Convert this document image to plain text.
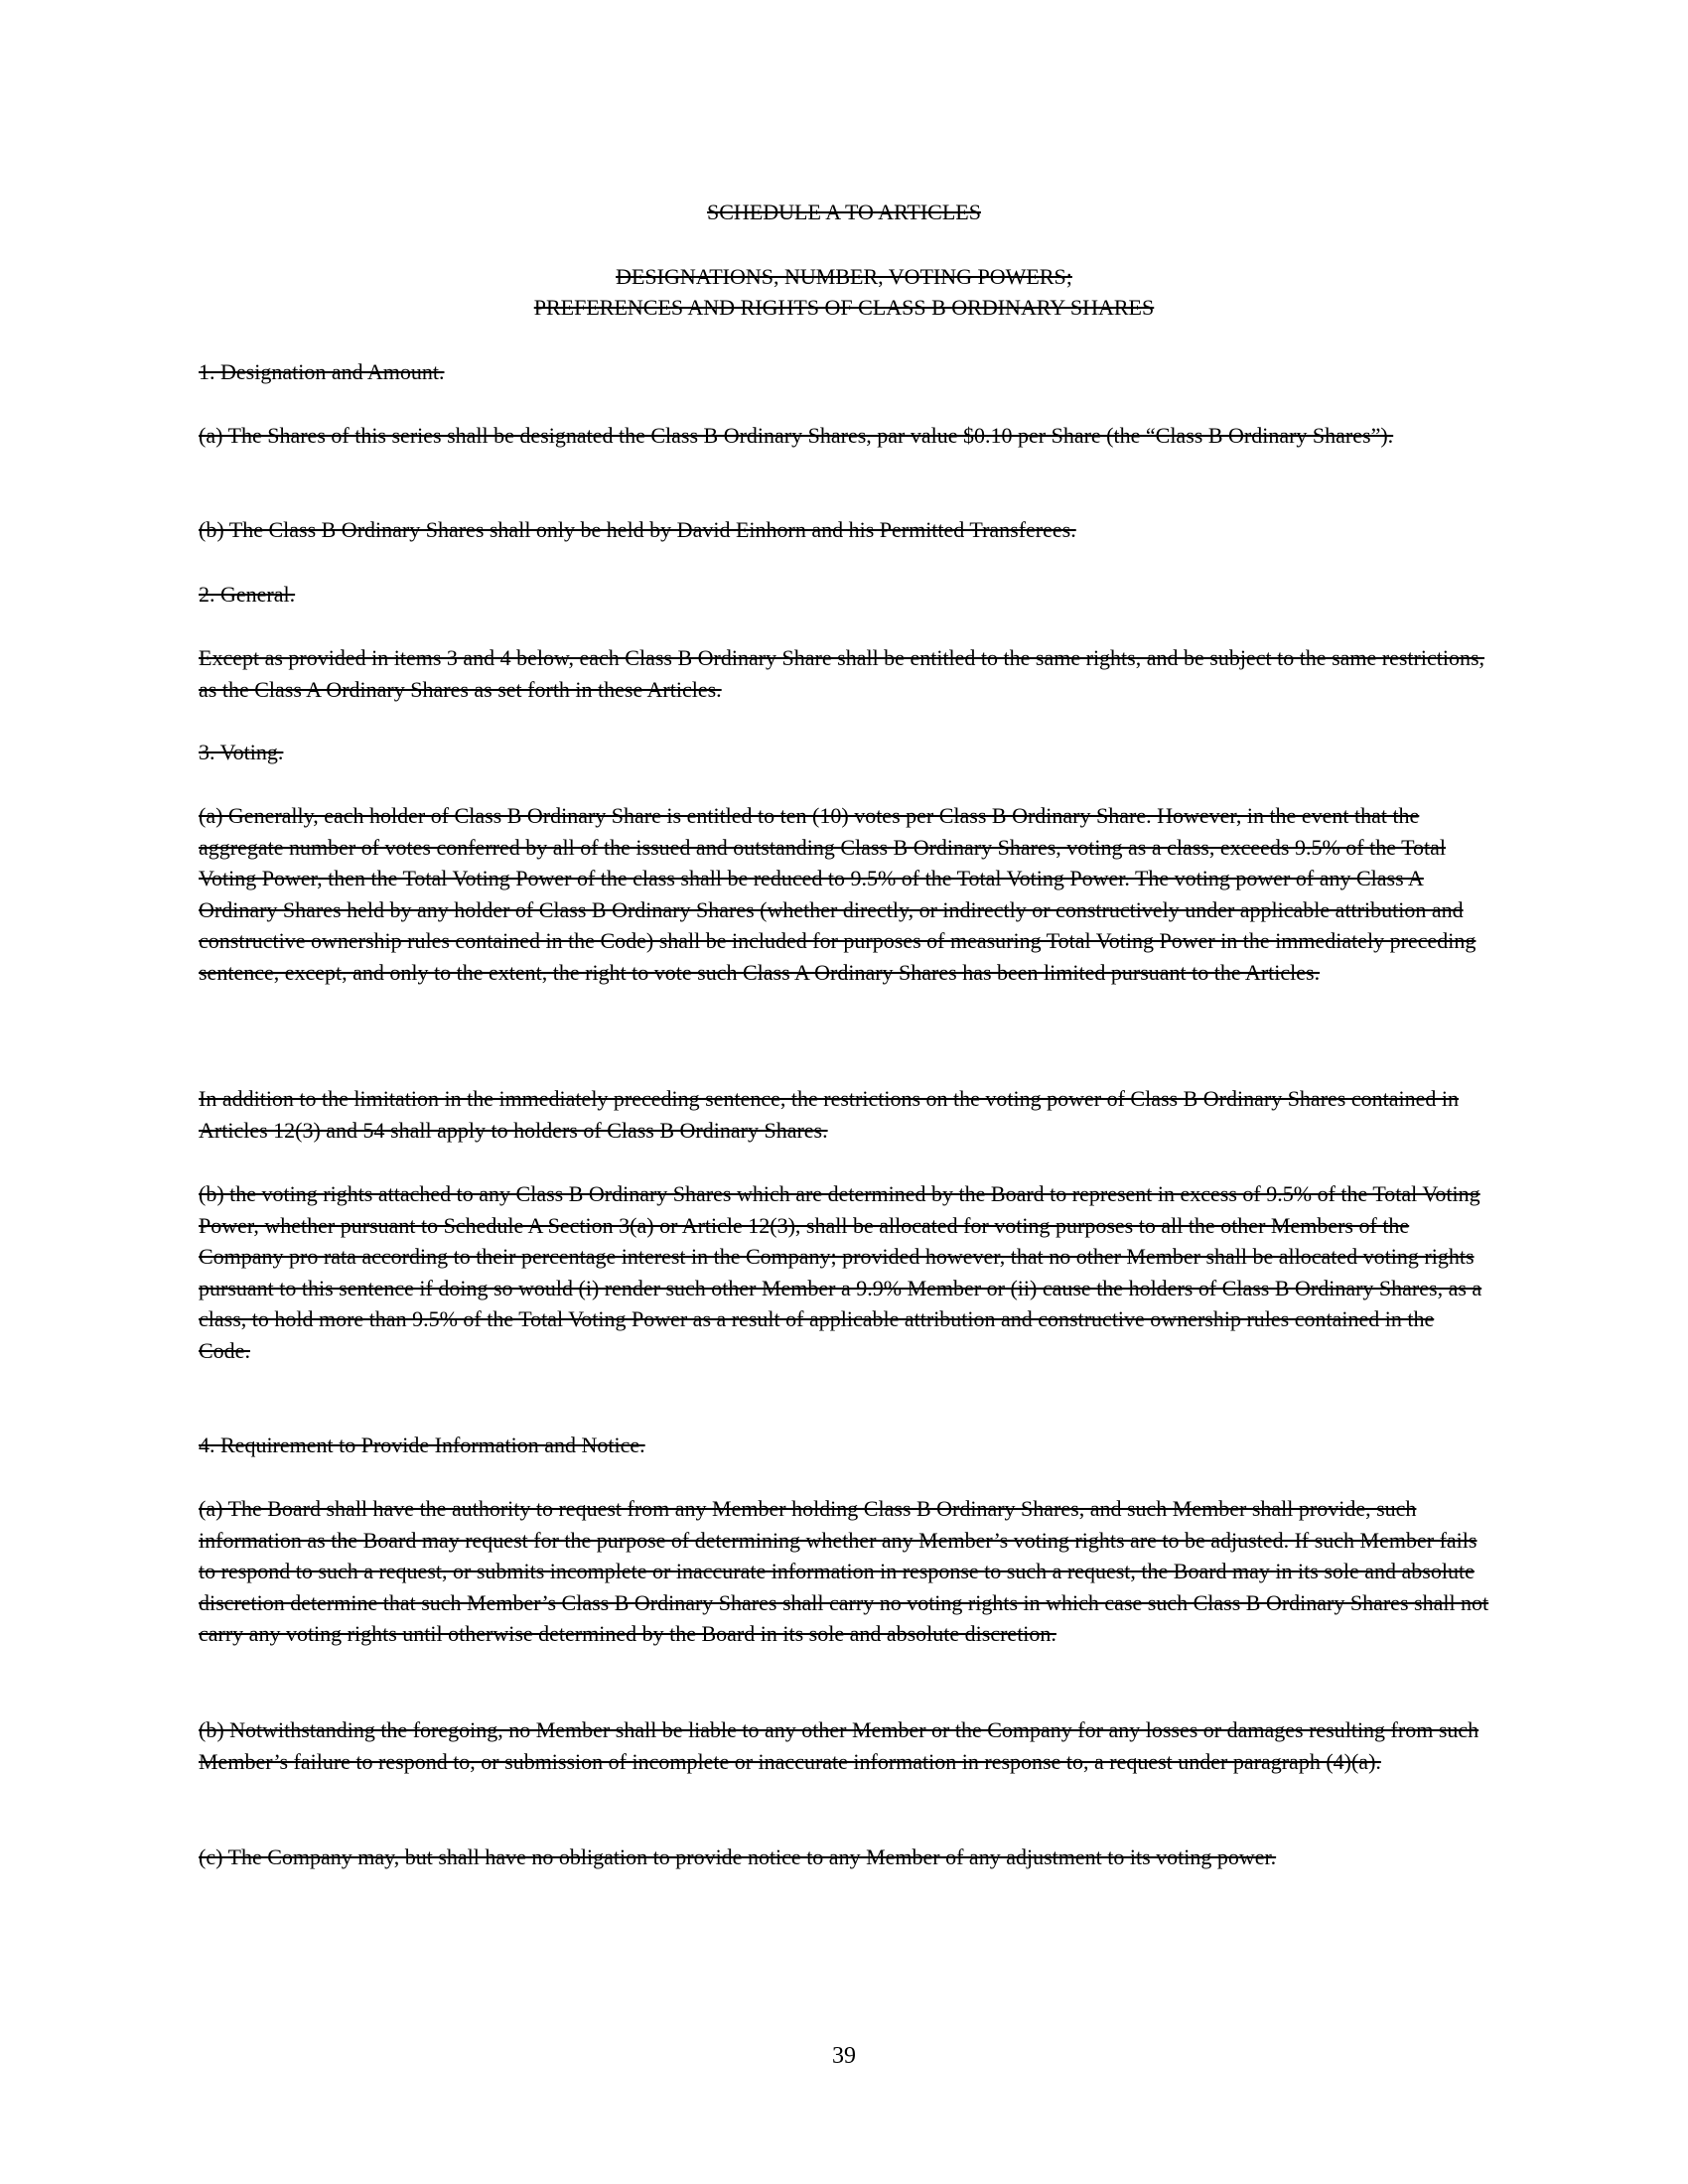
SCHEDULE A TO ARTICLES

DESIGNATIONS, NUMBER, VOTING POWERS;

PREFERENCES AND RIGHTS OF CLASS B ORDINARY SHARES

1. Designation and Amount.

(a) The Shares of this series shall be designated the Class B Ordinary Shares, par value $0.10 per Share (the “Class B Ordinary Shares”).

(b) The Class B Ordinary Shares shall only be held by David Einhorn and his Permitted Transferees.

2. General.

Except as provided in items 3 and 4 below, each Class B Ordinary Share shall be entitled to the same rights, and be subject to the same restrictions, as the Class A Ordinary Shares as set forth in these Articles.

3. Voting.

(a) Generally, each holder of Class B Ordinary Share is entitled to ten (10) votes per Class B Ordinary Share. However, in the event that the aggregate number of votes conferred by all of the issued and outstanding Class B Ordinary Shares, voting as a class, exceeds 9.5% of the Total Voting Power, then the Total Voting Power of the class shall be reduced to 9.5% of the Total Voting Power. The voting power of any Class A Ordinary Shares held by any holder of Class B Ordinary Shares (whether directly, or indirectly or constructively under applicable attribution and constructive ownership rules contained in the Code) shall be included for purposes of measuring Total Voting Power in the immediately preceding sentence, except, and only to the extent, the right to vote such Class A Ordinary Shares has been limited pursuant to the Articles.

In addition to the limitation in the immediately preceding sentence, the restrictions on the voting power of Class B Ordinary Shares contained in Articles 12(3) and 54 shall apply to holders of Class B Ordinary Shares.

(b) the voting rights attached to any Class B Ordinary Shares which are determined by the Board to represent in excess of 9.5% of the Total Voting Power, whether pursuant to Schedule A Section 3(a) or Article 12(3), shall be allocated for voting purposes to all the other Members of the Company pro rata according to their percentage interest in the Company; provided however, that no other Member shall be allocated voting rights pursuant to this sentence if doing so would (i) render such other Member a 9.9% Member or (ii) cause the holders of Class B Ordinary Shares, as a class, to hold more than 9.5% of the Total Voting Power as a result of applicable attribution and constructive ownership rules contained in the Code.

4. Requirement to Provide Information and Notice.

(a) The Board shall have the authority to request from any Member holding Class B Ordinary Shares, and such Member shall provide, such information as the Board may request for the purpose of determining whether any Member’s voting rights are to be adjusted. If such Member fails to respond to such a request, or submits incomplete or inaccurate information in response to such a request, the Board may in its sole and absolute discretion determine that such Member’s Class B Ordinary Shares shall carry no voting rights in which case such Class B Ordinary Shares shall not carry any voting rights until otherwise determined by the Board in its sole and absolute discretion.

(b) Notwithstanding the foregoing, no Member shall be liable to any other Member or the Company for any losses or damages resulting from such Member’s failure to respond to, or submission of incomplete or inaccurate information in response to, a request under paragraph (4)(a).

(c) The Company may, but shall have no obligation to provide notice to any Member of any adjustment to its voting power.

39
